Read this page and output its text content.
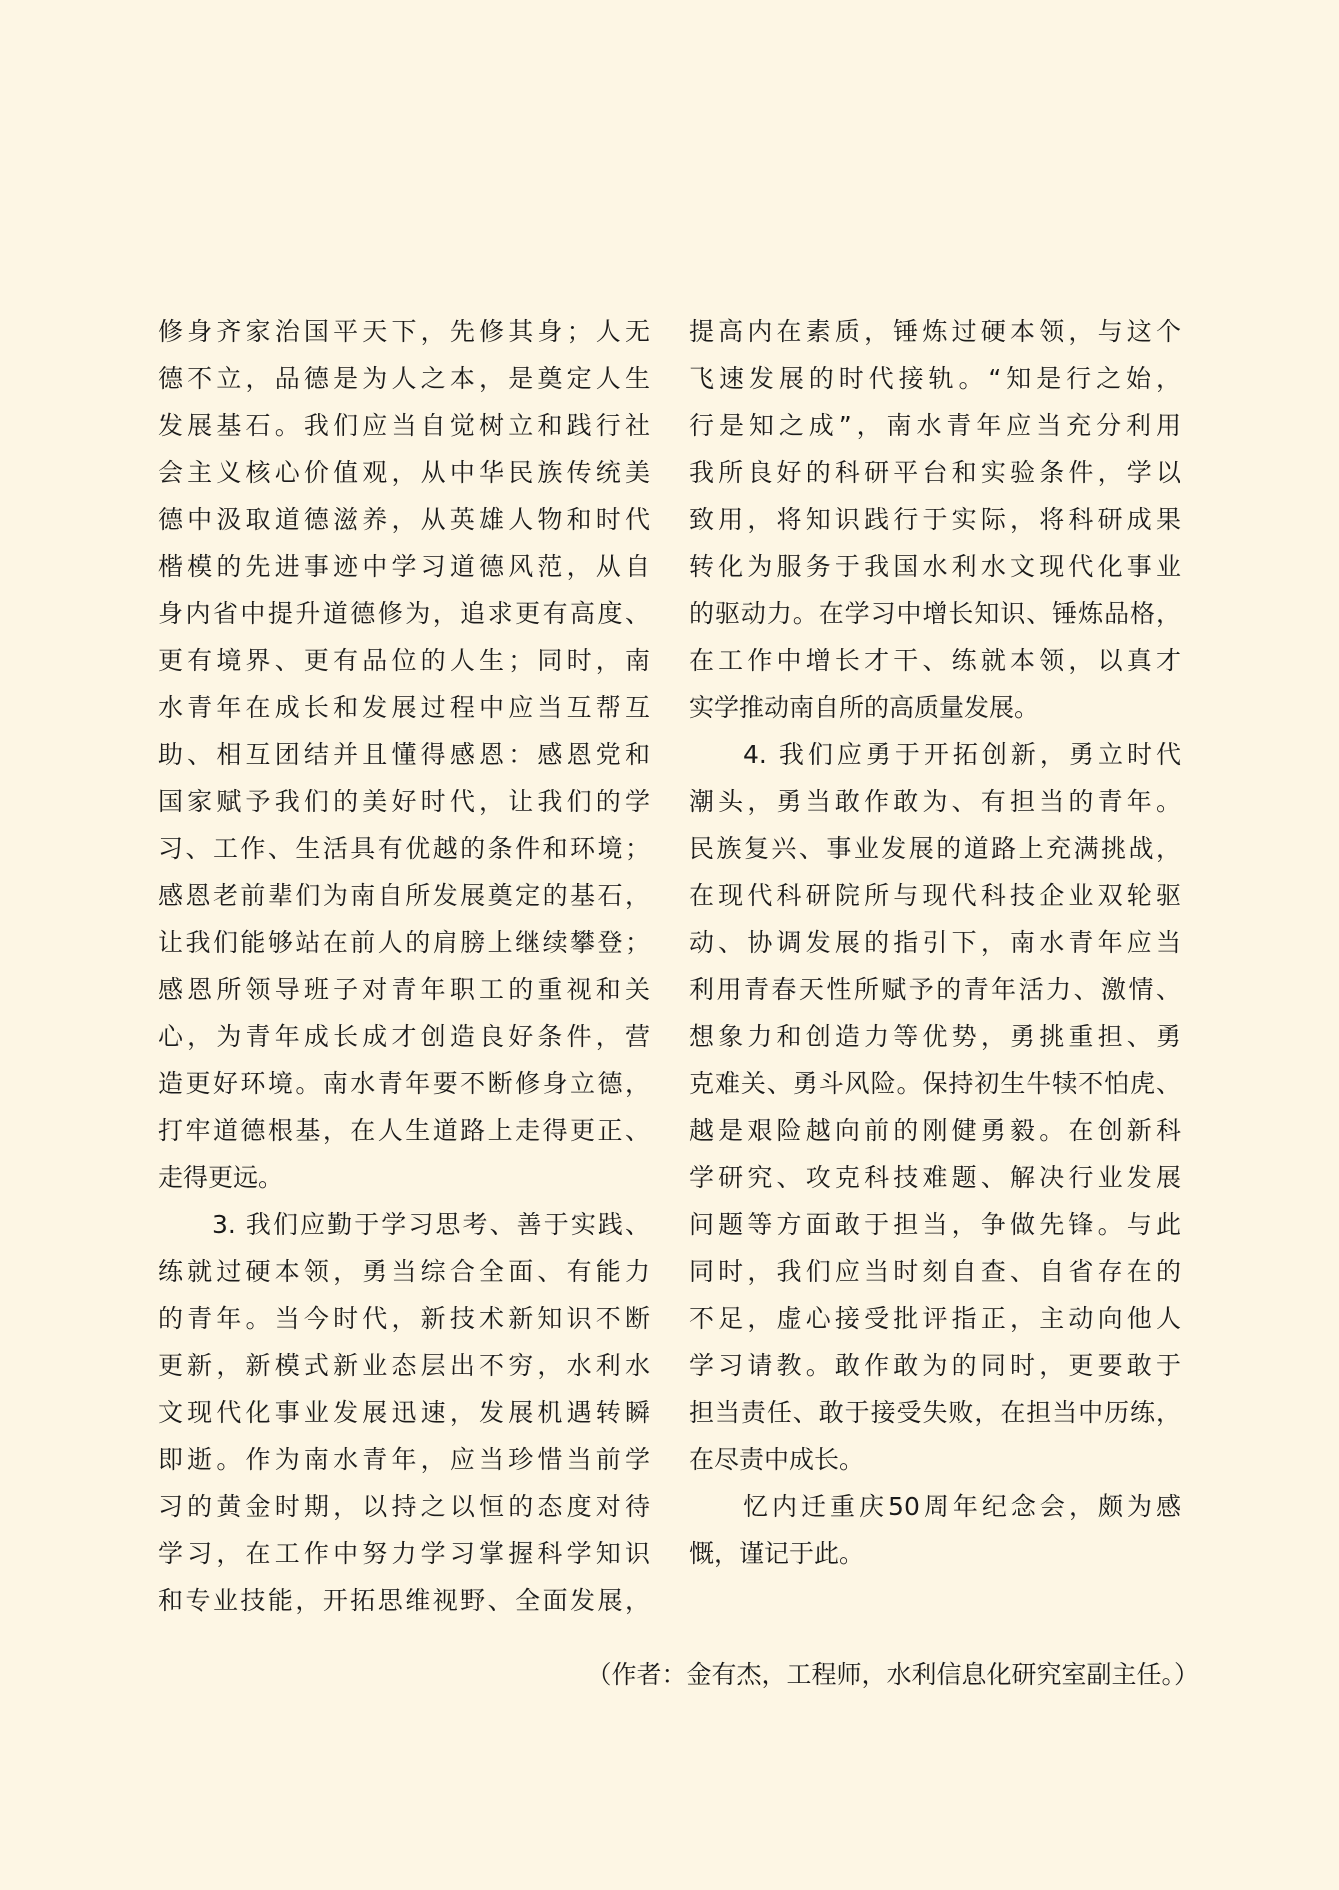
修身齐家治国平天下，先修其身；人无
德不立，品德是为人之本，是奠定人生
发展基石。我们应当自觉树立和践行社
会主义核心价值观，从中华民族传统美
德中汲取道德滋养，从英雄人物和时代
楷模的先进事迹中学习道德风范，从自
身内省中提升道德修为，追求更有高度、
更有境界、更有品位的人生；同时，南
水青年在成长和发展过程中应当互帮互
助、相互团结并且懂得感恩：感恩党和
国家赋予我们的美好时代，让我们的学
习、工作、生活具有优越的条件和环境；
感恩老前辈们为南自所发展奠定的基石，
让我们能够站在前人的肩膀上继续攀登；
感恩所领导班子对青年职工的重视和关
心，为青年成长成才创造良好条件，营
造更好环境。南水青年要不断修身立德，
打牢道德根基，在人生道路上走得更正、
走得更远。
3. 我们应勤于学习思考、善于实践、
练就过硬本领，勇当综合全面、有能力
的青年。当今时代，新技术新知识不断
更新，新模式新业态层出不穷，水利水
文现代化事业发展迅速，发展机遇转瞬
即逝。作为南水青年，应当珍惜当前学
习的黄金时期，以持之以恒的态度对待
学习，在工作中努力学习掌握科学知识
和专业技能，开拓思维视野、全面发展，
提高内在素质，锤炼过硬本领，与这个
飞速发展的时代接轨。“知是行之始，
行是知之成”，南水青年应当充分利用
我所良好的科研平台和实验条件，学以
致用，将知识践行于实际，将科研成果
转化为服务于我国水利水文现代化事业
的驱动力。在学习中增长知识、锤炼品格，
在工作中增长才干、练就本领，以真才
实学推动南自所的高质量发展。
4. 我们应勇于开拓创新，勇立时代
潮头，勇当敢作敢为、有担当的青年。
民族复兴、事业发展的道路上充满挑战，
在现代科研院所与现代科技企业双轮驱
动、协调发展的指引下，南水青年应当
利用青春天性所赋予的青年活力、激情、
想象力和创造力等优势，勇挑重担、勇
克难关、勇斗风险。保持初生牛犊不怕虎、
越是艰险越向前的刚健勇毅。在创新科
学研究、攻克科技难题、解决行业发展
问题等方面敢于担当，争做先锋。与此
同时，我们应当时刻自查、自省存在的
不足，虚心接受批评指正，主动向他人
学习请教。敢作敢为的同时，更要敢于
担当责任、敢于接受失败，在担当中历练，
在尽责中成长。
忆内迁重庆50周年纪念会，颇为感
慨，谨记于此。
（作者：金有杰，工程师，水利信息化研究室副主任。）
